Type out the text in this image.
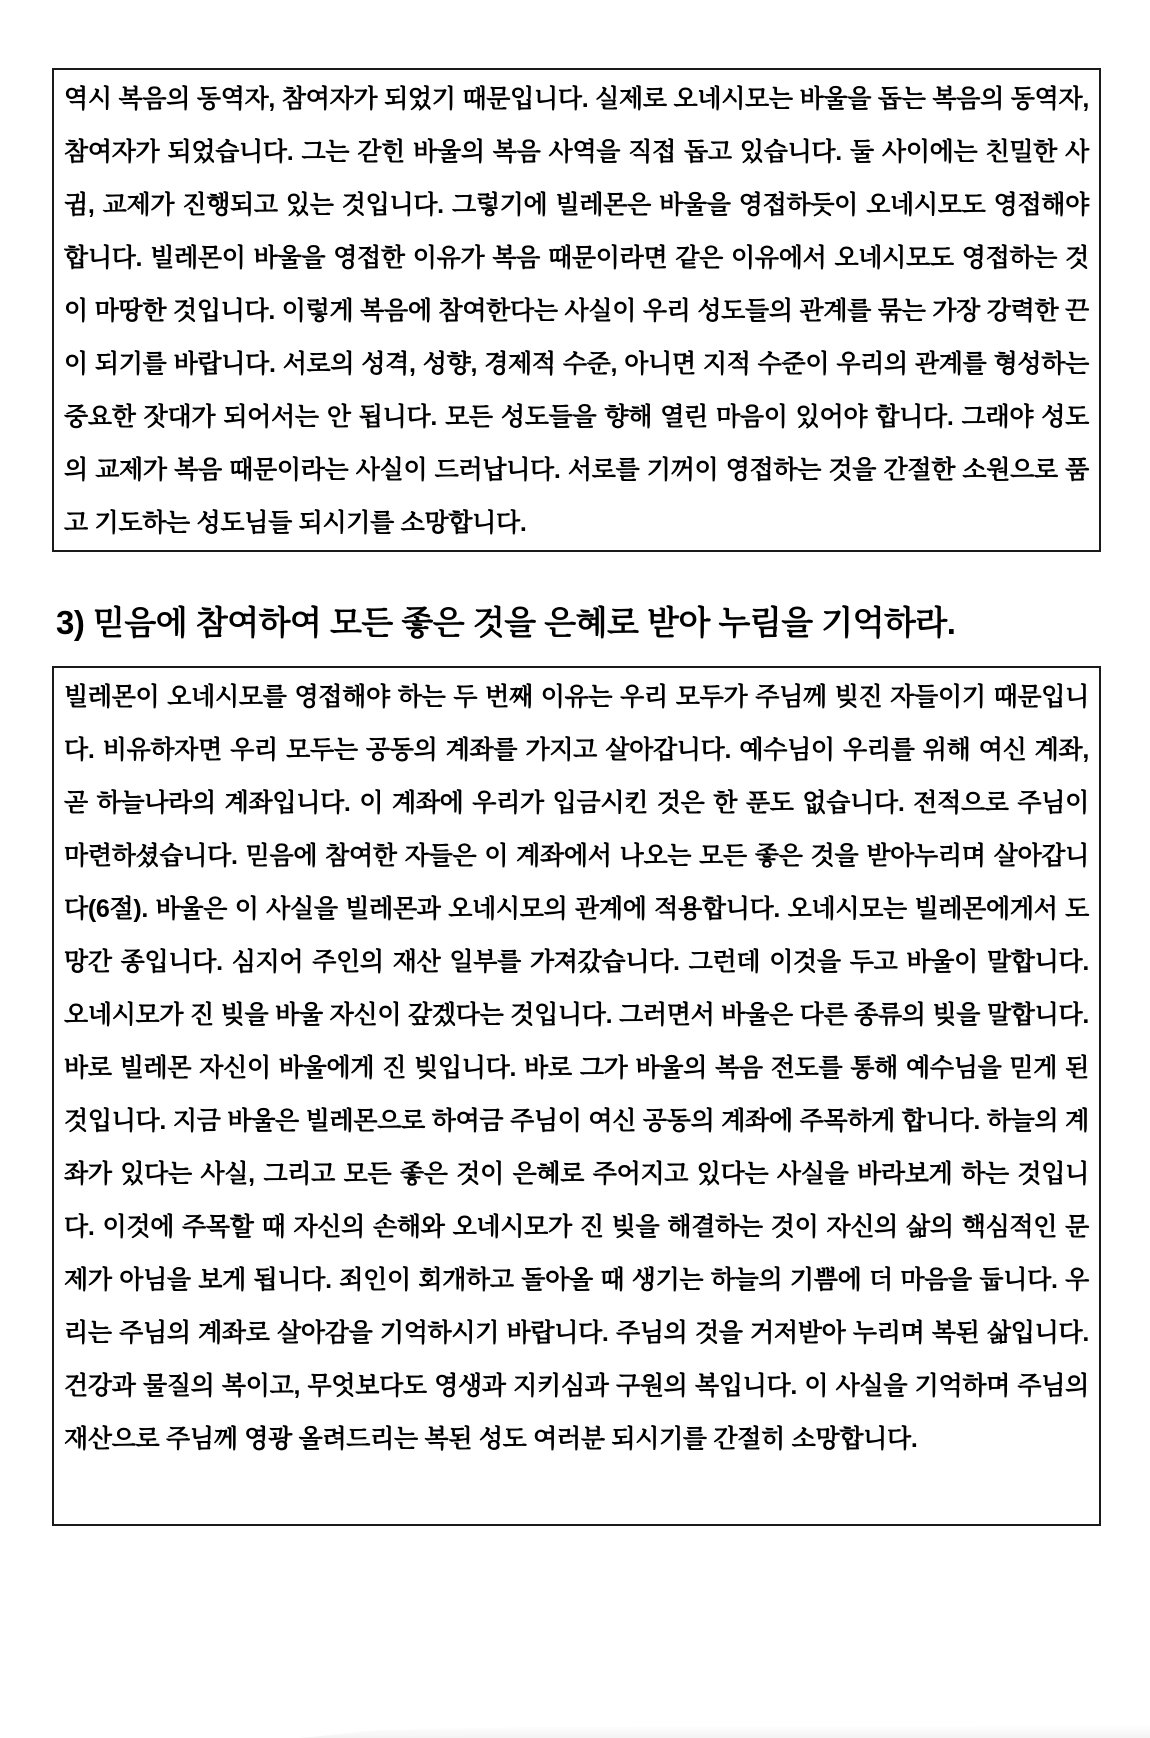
역시 복음의 동역자, 참여자가 되었기 때문입니다. 실제로 오네시모는 바울을 돕는 복음의 동역자, 참여자가 되었습니다. 그는 갇힌 바울의 복음 사역을 직접 돕고 있습니다. 둘 사이에는 친밀한 사귐, 교제가 진행되고 있는 것입니다. 그렇기에 빌레몬은 바울을 영접하듯이 오네시모도 영접해야 합니다. 빌레몬이 바울을 영접한 이유가 복음 때문이라면 같은 이유에서 오네시모도 영접하는 것이 마땅한 것입니다. 이렇게 복음에 참여한다는 사실이 우리 성도들의 관계를 묶는 가장 강력한 끈이 되기를 바랍니다. 서로의 성격, 성향, 경제적 수준, 아니면 지적 수준이 우리의 관계를 형성하는 중요한 잣대가 되어서는 안 됩니다. 모든 성도들을 향해 열린 마음이 있어야 합니다. 그래야 성도의 교제가 복음 때문이라는 사실이 드러납니다. 서로를 기꺼이 영접하는 것을 간절한 소원으로 품고 기도하는 성도님들 되시기를 소망합니다.

3) 믿음에 참여하여 모든 좋은 것을 은혜로 받아 누림을 기억하라.

빌레몬이 오네시모를 영접해야 하는 두 번째 이유는 우리 모두가 주님께 빚진 자들이기 때문입니다. 비유하자면 우리 모두는 공동의 계좌를 가지고 살아갑니다. 예수님이 우리를 위해 여신 계좌, 곧 하늘나라의 계좌입니다. 이 계좌에 우리가 입금시킨 것은 한 푼도 없습니다. 전적으로 주님이 마련하셨습니다. 믿음에 참여한 자들은 이 계좌에서 나오는 모든 좋은 것을 받아누리며 살아갑니다(6절). 바울은 이 사실을 빌레몬과 오네시모의 관계에 적용합니다. 오네시모는 빌레몬에게서 도망간 종입니다. 심지어 주인의 재산 일부를 가져갔습니다. 그런데 이것을 두고 바울이 말합니다. 오네시모가 진 빚을 바울 자신이 갚겠다는 것입니다. 그러면서 바울은 다른 종류의 빚을 말합니다. 바로 빌레몬 자신이 바울에게 진 빚입니다. 바로 그가 바울의 복음 전도를 통해 예수님을 믿게 된 것입니다. 지금 바울은 빌레몬으로 하여금 주님이 여신 공동의 계좌에 주목하게 합니다. 하늘의 계좌가 있다는 사실, 그리고 모든 좋은 것이 은혜로 주어지고 있다는 사실을 바라보게 하는 것입니다. 이것에 주목할 때 자신의 손해와 오네시모가 진 빚을 해결하는 것이 자신의 삶의 핵심적인 문제가 아님을 보게 됩니다. 죄인이 회개하고 돌아올 때 생기는 하늘의 기쁨에 더 마음을 둡니다. 우리는 주님의 계좌로 살아감을 기억하시기 바랍니다. 주님의 것을 거저받아 누리며 복된 삶입니다. 건강과 물질의 복이고, 무엇보다도 영생과 지키심과 구원의 복입니다. 이 사실을 기억하며 주님의 재산으로 주님께 영광 올려드리는 복된 성도 여러분 되시기를 간절히 소망합니다.
